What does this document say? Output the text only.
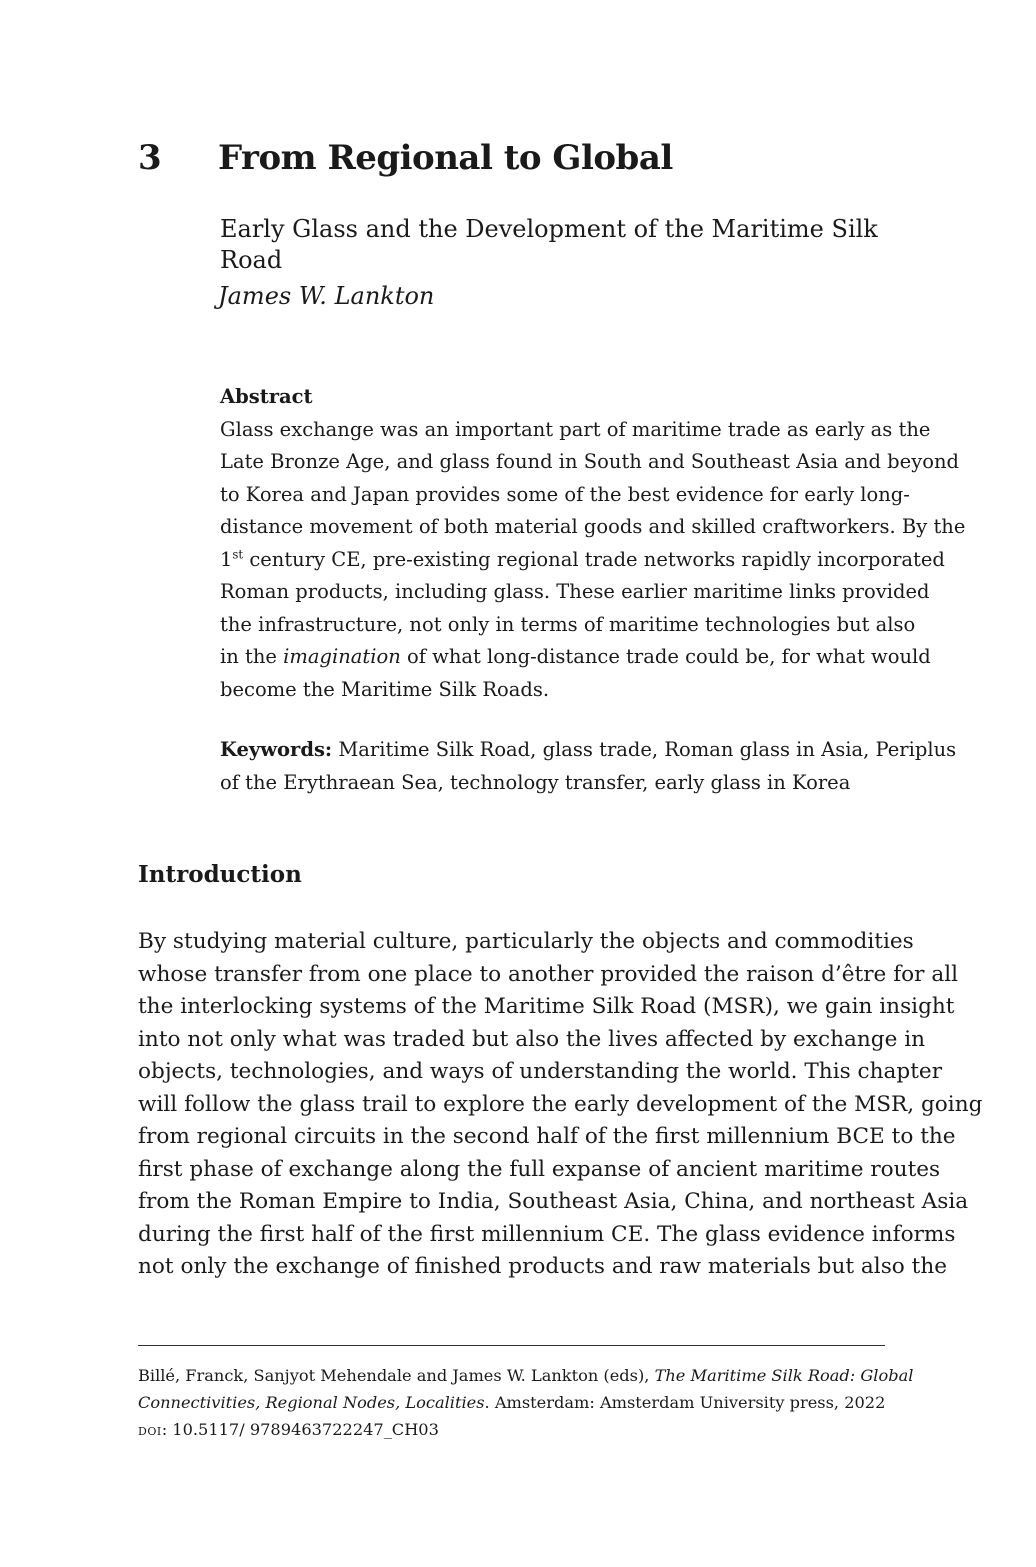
3 From Regional to Global
Early Glass and the Development of the Maritime Silk Road
James W. Lankton
Abstract
Glass exchange was an important part of maritime trade as early as the
Late Bronze Age, and glass found in South and Southeast Asia and beyond
to Korea and Japan provides some of the best evidence for early long-
distance movement of both material goods and skilled craftworkers. By the
1st century CE, pre-existing regional trade networks rapidly incorporated
Roman products, including glass. These earlier maritime links provided
the infrastructure, not only in terms of maritime technologies but also
in the imagination of what long-distance trade could be, for what would
become the Maritime Silk Roads.
Keywords: Maritime Silk Road, glass trade, Roman glass in Asia, Periplus
of the Erythraean Sea, technology transfer, early glass in Korea
Introduction
By studying material culture, particularly the objects and commodities
whose transfer from one place to another provided the raison d’être for all
the interlocking systems of the Maritime Silk Road (MSR), we gain insight
into not only what was traded but also the lives affected by exchange in
objects, technologies, and ways of understanding the world. This chapter
will follow the glass trail to explore the early development of the MSR, going
from regional circuits in the second half of the first millennium BCE to the
first phase of exchange along the full expanse of ancient maritime routes
from the Roman Empire to India, Southeast Asia, China, and northeast Asia
during the first half of the first millennium CE. The glass evidence informs
not only the exchange of finished products and raw materials but also the
Billé, Franck, Sanjyot Mehendale and James W. Lankton (eds), The Maritime Silk Road: Global
Connectivities, Regional Nodes, Localities. Amsterdam: Amsterdam University press, 2022
doi: 10.5117/ 9789463722247_CH03
